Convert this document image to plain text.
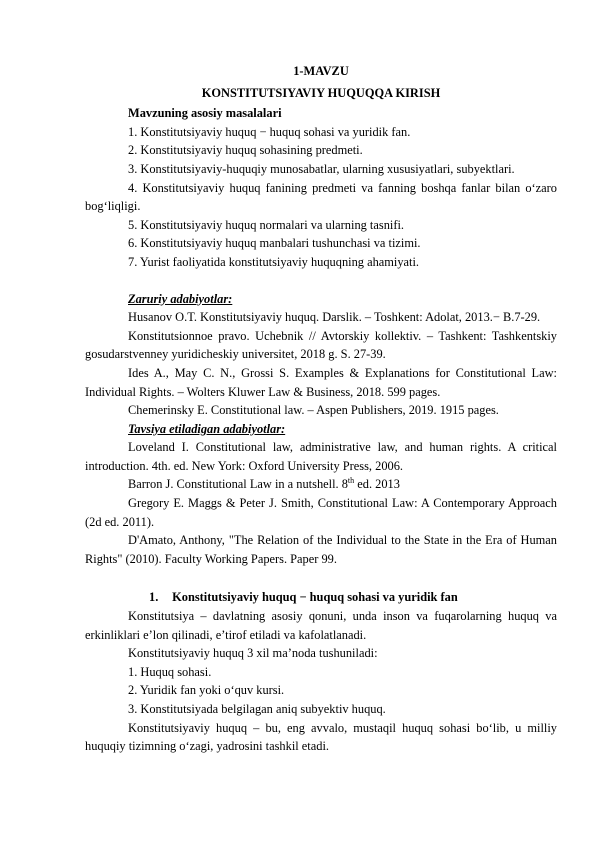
1-MAVZU

KONSTITUTSIYAVIY HUQUQQA KIRISH

Mavzuning asosiy masalalari

1. Konstitutsiyaviy huquq − huquq sohasi va yuridik fan.

2. Konstitutsiyaviy huquq sohasining predmeti.

3. Konstitutsiyaviy-huquqiy munosabatlar, ularning xususiyatlari, subyektlari.

4. Konstitutsiyaviy huquq fanining predmeti va fanning boshqa fanlar bilan o‘zaro bog‘liqligi.

5. Konstitutsiyaviy huquq normalari va ularning tasnifi.

6. Konstitutsiyaviy huquq manbalari tushunchasi va tizimi.

7. Yurist faoliyatida konstitutsiyaviy huquqning ahamiyati.

Zaruriy adabiyotlar:

Husanov O.T. Konstitutsiyaviy huquq. Darslik. – Toshkent: Adolat, 2013.− B.7-29.

Konstitutsionnoe pravo. Uchebnik // Avtorskiy kollektiv. – Tashkent: Tashkentskiy gosudarstvenney yuridicheskiy universitet, 2018 g. S. 27-39.

Ides A., May C. N., Grossi S. Examples & Explanations for Constitutional Law: Individual Rights. – Wolters Kluwer Law & Business, 2018. 599 pages.

Chemerinsky E. Constitutional law. – Aspen Publishers, 2019. 1915 pages.

Tavsiya etiladigan adabiyotlar:

Loveland I. Constitutional law, administrative law, and human rights. A critical introduction. 4th. ed. New York: Oxford University Press, 2006.

Barron J. Constitutional Law in a nutshell. 8th ed. 2013

Gregory E. Maggs & Peter J. Smith, Constitutional Law: A Contemporary Approach (2d ed. 2011).

D'Amato, Anthony, "The Relation of the Individual to the State in the Era of Human Rights" (2010). Faculty Working Papers. Paper 99.

1. Konstitutsiyaviy huquq − huquq sohasi va yuridik fan

Konstitutsiya – davlatning asosiy qonuni, unda inson va fuqarolarning huquq va erkinliklari e’lon qilinadi, e’tirof etiladi va kafolatlanadi.

Konstitutsiyaviy huquq 3 xil ma’noda tushuniladi:

1. Huquq sohasi.

2. Yuridik fan yoki o‘quv kursi.

3. Konstitutsiyada belgilagan aniq subyektiv huquq.

Konstitutsiyaviy huquq – bu, eng avvalo, mustaqil huquq sohasi bo‘lib, u milliy huquqiy tizimning o‘zagi, yadrosini tashkil etadi.
